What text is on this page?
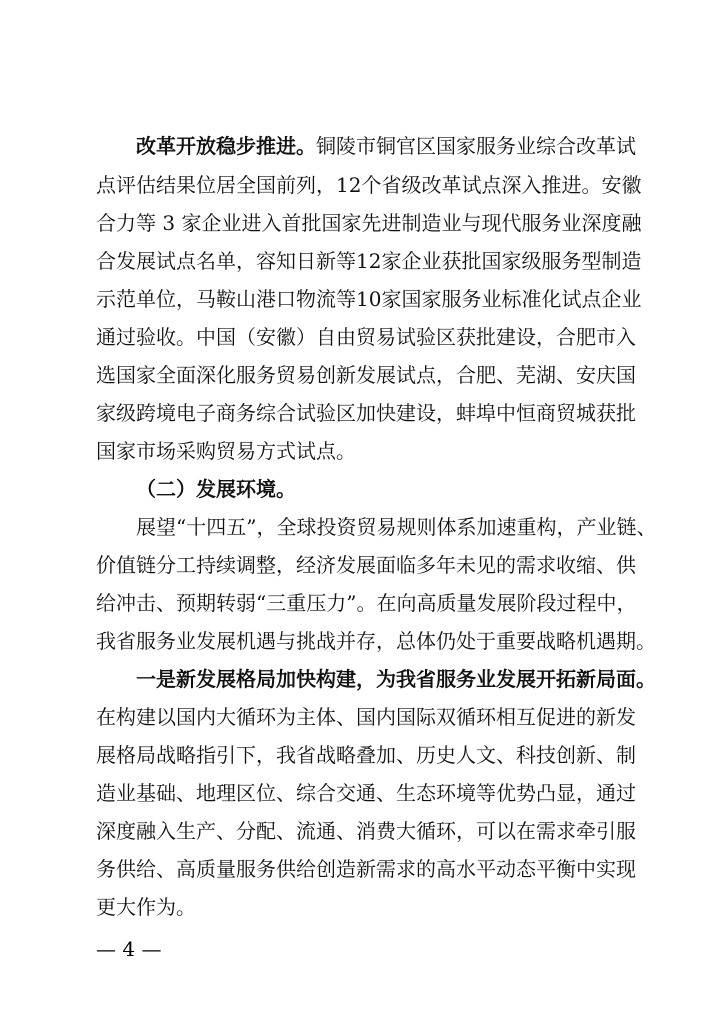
改革开放稳步推进。铜陵市铜官区国家服务业综合改革试
点评估结果位居全国前列，12个省级改革试点深入推进。安徽
合力等 3 家企业进入首批国家先进制造业与现代服务业深度融
合发展试点名单，容知日新等12家企业获批国家级服务型制造
示范单位，马鞍山港口物流等10家国家服务业标准化试点企业
通过验收。中国（安徽）自由贸易试验区获批建设，合肥市入
选国家全面深化服务贸易创新发展试点，合肥、芜湖、安庆国
家级跨境电子商务综合试验区加快建设，蚌埠中恒商贸城获批
国家市场采购贸易方式试点。
（二）发展环境。
展望“十四五”，全球投资贸易规则体系加速重构，产业链、
价值链分工持续调整，经济发展面临多年未见的需求收缩、供
给冲击、预期转弱“三重压力”。在向高质量发展阶段过程中，
我省服务业发展机遇与挑战并存，总体仍处于重要战略机遇期。
一是新发展格局加快构建，为我省服务业发展开拓新局面。
在构建以国内大循环为主体、国内国际双循环相互促进的新发
展格局战略指引下，我省战略叠加、历史人文、科技创新、制
造业基础、地理区位、综合交通、生态环境等优势凸显，通过
深度融入生产、分配、流通、消费大循环，可以在需求牵引服
务供给、高质量服务供给创造新需求的高水平动态平衡中实现
更大作为。
— 4 —
